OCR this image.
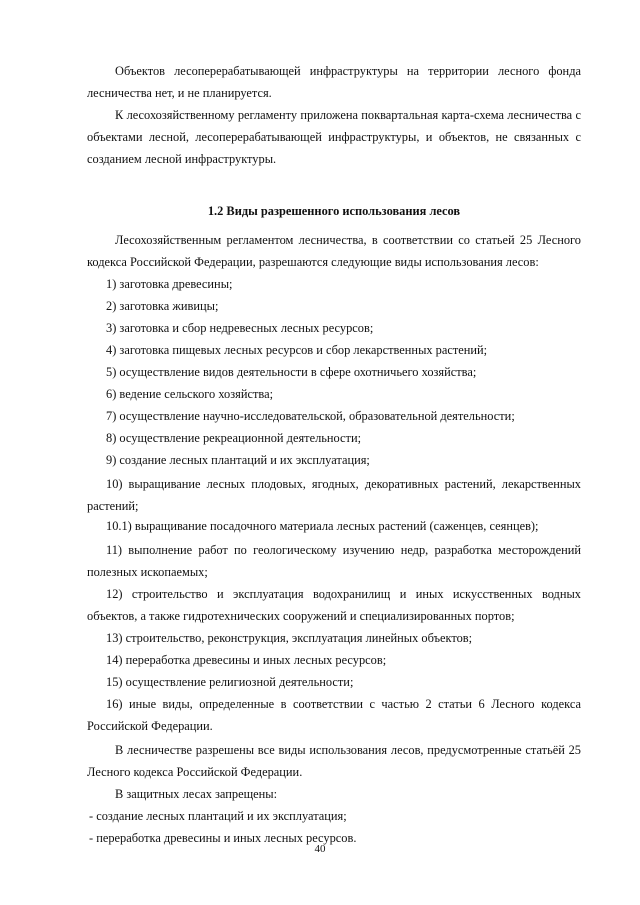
Объектов лесоперерабатывающей инфраструктуры на территории лесного фонда лесничества нет, и не планируется.

К лесохозяйственному регламенту приложена поквартальная карта-схема лесничества с объектами лесной, лесоперерабатывающей инфраструктуры, и объектов, не связанных с созданием лесной инфраструктуры.

1.2 Виды разрешенного использования лесов

Лесохозяйственным регламентом лесничества, в соответствии со статьей 25 Лесного кодекса Российской Федерации, разрешаются следующие виды использования лесов:

1) заготовка древесины;

2) заготовка живицы;

3) заготовка и сбор недревесных лесных ресурсов;

4) заготовка пищевых лесных ресурсов и сбор лекарственных растений;

5) осуществление видов деятельности в сфере охотничьего хозяйства;

6) ведение сельского хозяйства;

7) осуществление научно-исследовательской, образовательной деятельности;

8) осуществление рекреационной деятельности;

9) создание лесных плантаций и их эксплуатация;

10) выращивание лесных плодовых, ягодных, декоративных растений, лекарственных растений;

10.1) выращивание посадочного материала лесных растений (саженцев, сеянцев);

11) выполнение работ по геологическому изучению недр, разработка месторождений полезных ископаемых;

12) строительство и эксплуатация водохранилищ и иных искусственных водных объектов, а также гидротехнических сооружений и специализированных портов;

13) строительство, реконструкция, эксплуатация линейных объектов;

14) переработка древесины и иных лесных ресурсов;

15) осуществление религиозной деятельности;

16) иные виды, определенные в соответствии с частью 2 статьи 6 Лесного кодекса Российской Федерации.

В лесничестве разрешены все виды использования лесов, предусмотренные статьёй 25 Лесного кодекса Российской Федерации.

В защитных лесах запрещены:

- создание лесных плантаций и их эксплуатация;

- переработка древесины и иных лесных ресурсов.

40
